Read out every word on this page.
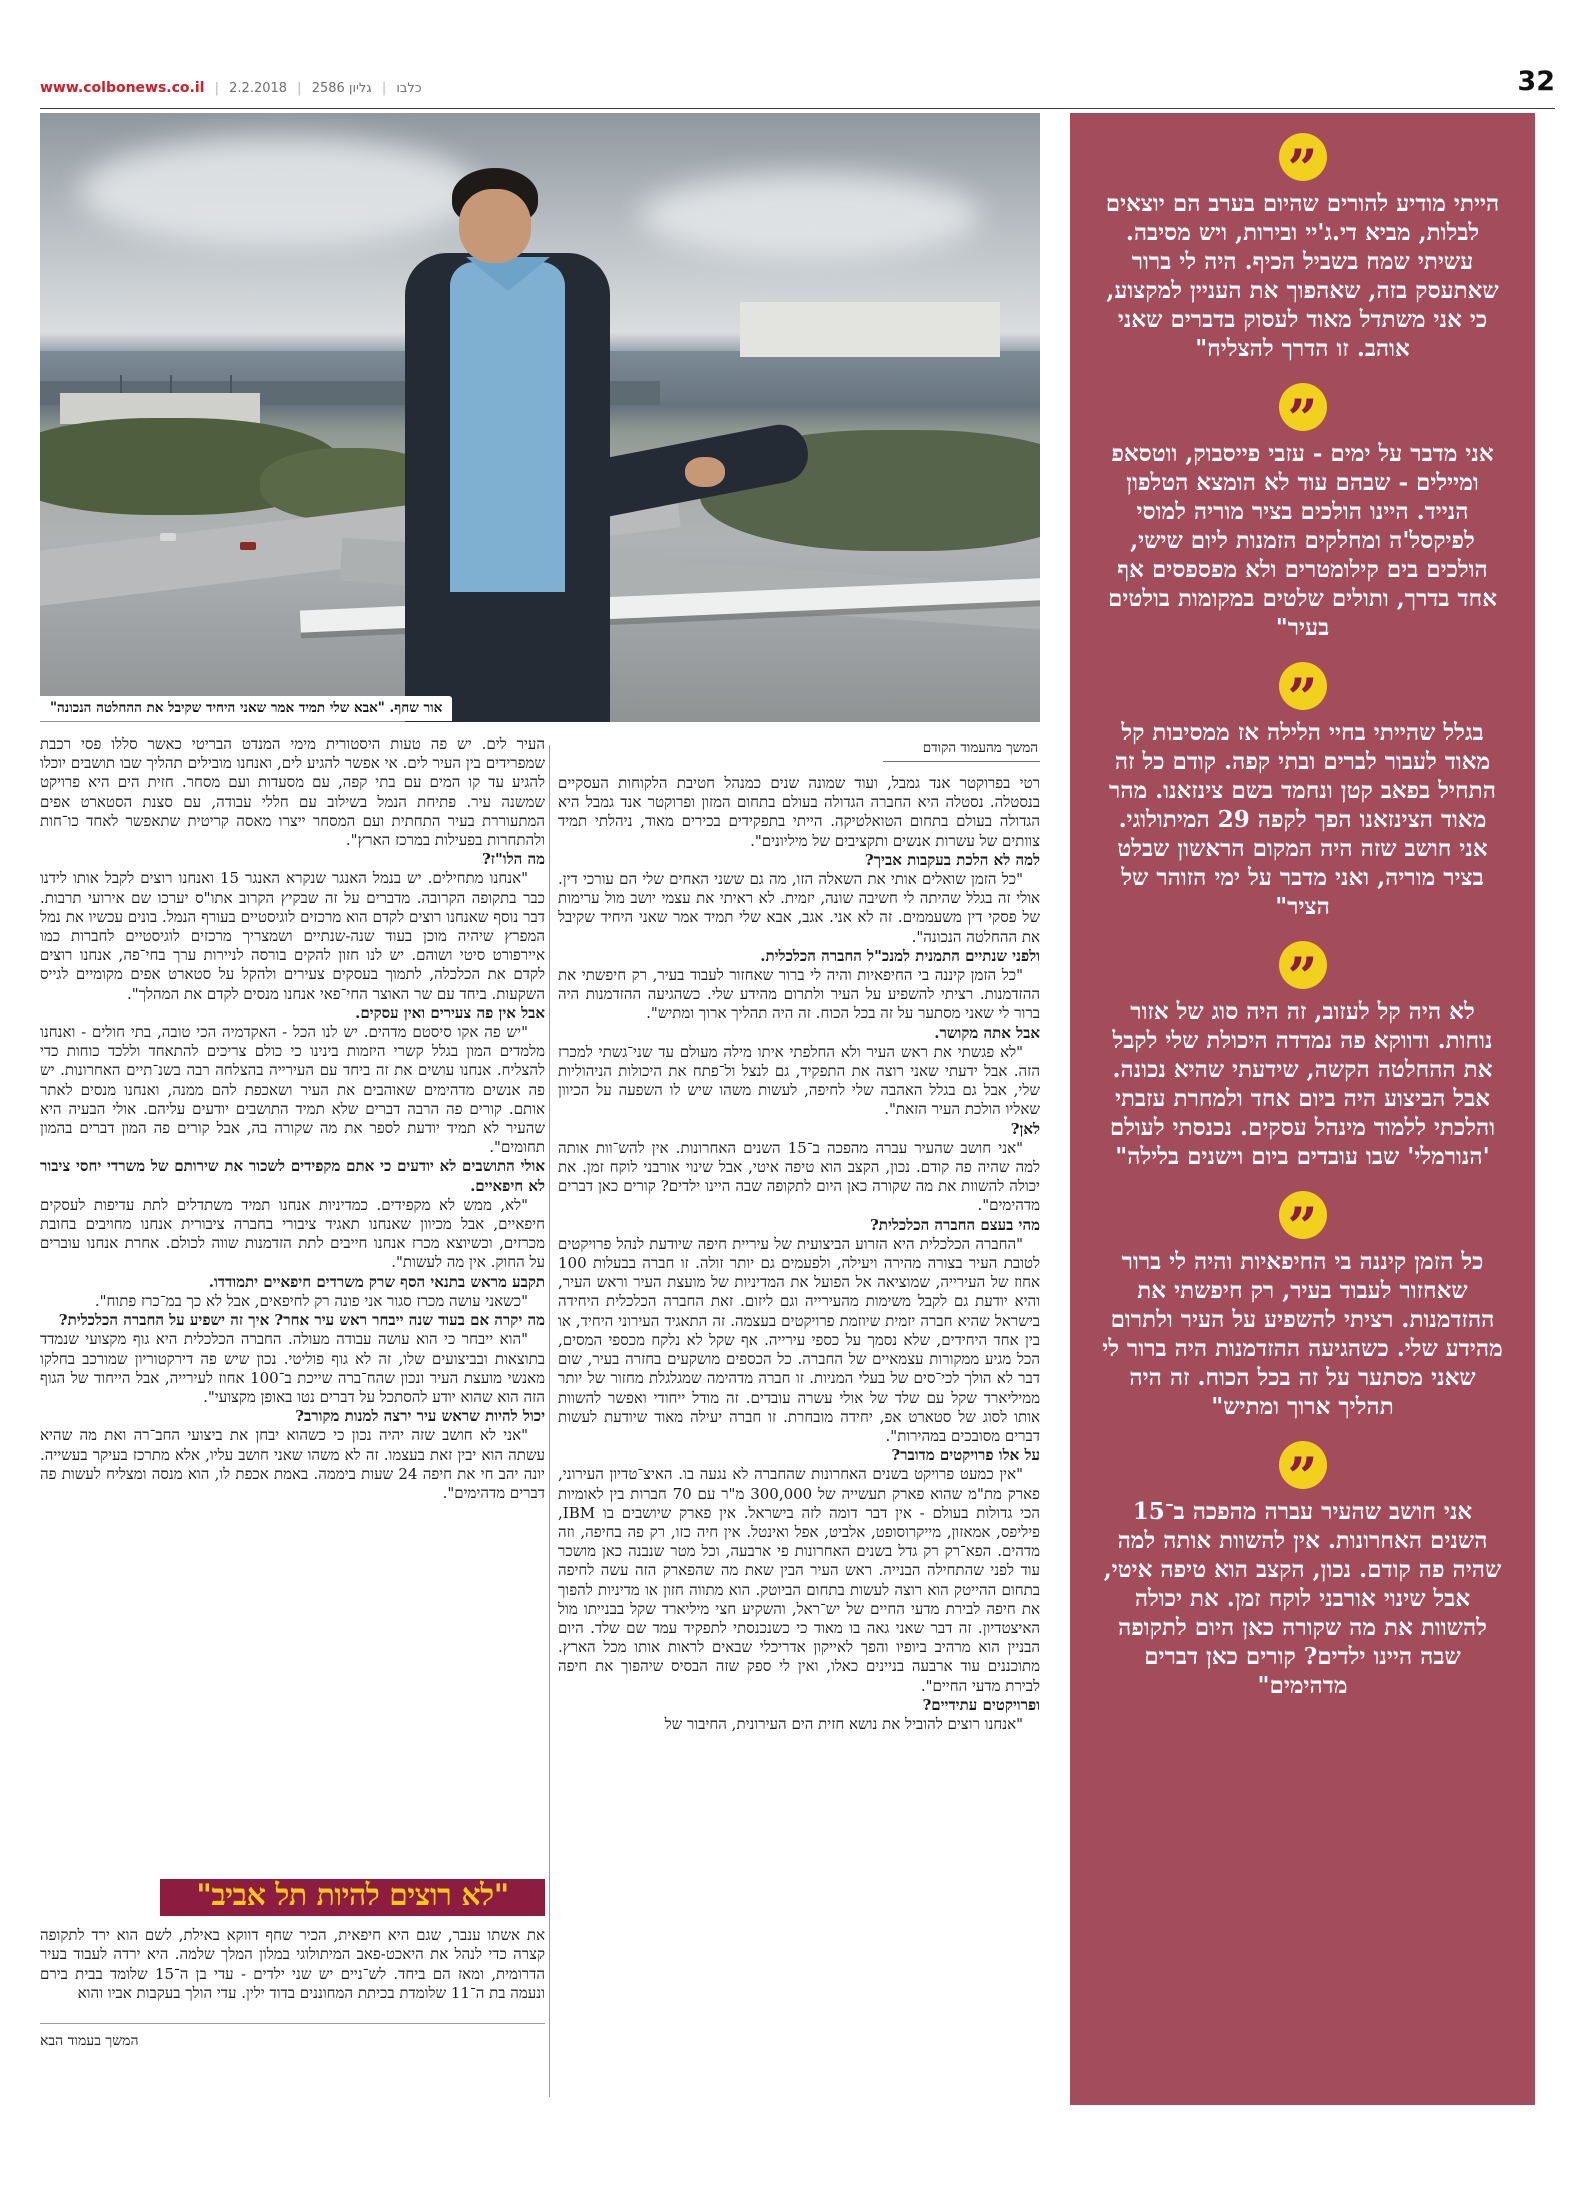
www.colbonews.co.il |	כלבו | גליון 2586 | 2.2.2018	32
אור שחף. "אבא שלי תמיד אמר שאני היחיד שקיבל את ההחלטה הנכונה"
המשך מהעמוד הקודם

רטי בפרוקטר אנד גמבל, ועוד שמונה שנים כמנהל חטיבת הלקוחות העסקיים בנסטלה. נסטלה היא החברה הגדולה בעולם בתחום המזון ופרוקטר אנד גמבל היא הגדולה בעולם בתחום הטואלטיקה. הייתי בתפקידים בכירים מאוד, ניהלתי תמיד צוותים של עשרות אנשים ותקציבים של מיליונים".

למה לא הלכת בעקבות אביך?

"כל הזמן שואלים אותי את השאלה הזו, מה גם ששני האחים שלי הם עורכי דין. אולי זה בגלל שהיתה לי חשיבה שונה, יזמית. לא ראיתי את עצמי יושב מול ערימות של פסקי דין משעממים. זה לא אני. אגב, אבא שלי תמיד אמר שאני היחיד שקיבל את ההחלטה הנכונה".

ולפני שנתיים התמנית למנכ"ל החברה הכלכלית.

"כל הזמן קיננה בי החיפאיות והיה לי ברור שאחזור לעבוד בעיר, רק חיפשתי את ההזדמנות. רציתי להשפיע על העיר ולתרום מהידע שלי. כשהגיעה ההזדמנות היה ברור לי שאני מסתער על זה בכל הכוח. זה היה תהליך ארוך ומתיש".

אבל אתה מקושר.

"לא פגשתי את ראש העיר ולא החלפתי איתו מילה מעולם עד שני־גשתי למכרז הזה. אבל ידעתי שאני רוצה את התפקיד, גם לנצל ול־פתח את היכולות הניהוליות שלי, אבל גם בגלל האהבה שלי לחיפה, לעשות משהו שיש לו השפעה על הכיוון שאליו הולכת העיר הזאת".

לאן?

"אני חושב שהעיר עברה מהפכה ב־15 השנים האחרונות. אין להש־וות אותה למה שהיה פה קודם. נכון, הקצב הוא טיפה איטי, אבל שינוי אורבני לוקח זמן. את יכולה להשוות את מה שקורה כאן היום לתקופה שבה היינו ילדים? קורים כאן דברים מדהימים".

מהי בעצם החברה הכלכלית?

"החברה הכלכלית היא הזרוע הביצועית של עיריית חיפה שיודעת לנהל פרויקטים לטובת העיר בצורה מהירה ויעילה, ולפעמים גם יותר זולה. זו חברה בבעלות 100 אחוז של העירייה, שמוציאה אל הפועל את המדיניות של מועצת העיר וראש העיר, והיא יודעת גם לקבל משימות מהעירייה וגם ליזום. זאת החברה הכלכלית היחידה בישראל שהיא חברה יזמית שיוזמת פרויקטים בעצמה. זה התאגיד העירוני היחיד, או בין אחד היחידים, שלא נסמך על כספי עירייה. אף שקל לא נלקח מכספי המסים, הכל מגיע ממקורות עצמאיים של החברה. כל הכספים מושקעים בחזרה בעיר, שום דבר לא הולך לכי־סים של בעלי המניות. זו חברה מדהימה שמגלגלת מחזור של יותר ממיליארד שקל עם שלד של אולי עשרה עובדים. זה מודל ייחודי ואפשר להשוות אותו לסוג של סטארט אפ, יחידה מובחרת. זו חברה יעילה מאוד שיודעת לעשות דברים מסובכים במהירות".

על אלו פרויקטים מדובר?

"אין כמעט פרויקט בשנים האחרונות שהחברה לא נגעה בו. האיצ־טדיון העירוני, פארק מת"מ שהוא פארק תעשייה של 300,000 מ"ר עם 70 חברות בין לאומיות הכי גדולות בעולם - אין דבר דומה לזה בישראל. אין פארק שיושבים בו IBM, פיליפס, אמאזון, מייקרוסופט, אלביט, אפל ואינטל. אין חיה כזו, רק פה בחיפה, וזה מדהים. הפא־רק רק גדל בשנים האחרונות פי ארבעה, וכל מטר שנבנה כאן מושכר עוד לפני שהתחילה הבנייה. ראש העיר הבין שאת מה שהפארק הזה עשה לחיפה בתחום ההייטק הוא רוצה לעשות בתחום הביוטק. הוא מתווה חזון או מדיניות להפוך את חיפה לבירת מדעי החיים של יש־ראל, והשקיע חצי מיליארד שקל בבנייתו מול האיצטדיון. זה דבר שאני גאה בו מאוד כי כשנכנסתי לתפקיד עמד שם שלד. היום הבניין הוא מרהיב ביופיו והפך לאייקון אדריכלי שבאים לראות אותו מכל הארץ. מתוכננים עוד ארבעה בניינים כאלו, ואין לי ספק שזה הבסיס שיהפוך את חיפה לבירת מדעי החיים".

ופרויקטים עתידיים?

"אנחנו רוצים להוביל את נושא חזית הים העירונית, החיבור של

העיר לים. יש פה טעות היסטורית מימי המנדט הבריטי כאשר סללו פסי רכבת שמפרידים בין העיר לים. אי אפשר להגיע לים, ואנחנו מובילים תהליך שבו תושבים יוכלו להגיע עד קו המים עם בתי קפה, עם מסעדות ועם מסחר. חזית הים היא פרויקט שמשנה עיר. פתיחת הנמל בשילוב עם חללי עבודה, עם סצנת הסטארט אפים המתעוררת בעיר התחתית ועם המסחר ייצרו מאסה קריטית שתאפשר לאחד כו־חות ולהתחרות בפעילות במרכז הארץ".

מה הלו"ז?

"אנחנו מתחילים. יש בנמל האנגר שנקרא האנגר 15 ואנחנו רוצים לקבל אותו לידנו כבר בתקופה הקרובה. מדברים על זה שבקיץ הקרוב אתו"ס יערכו שם אירועי תרבות. דבר נוסף שאנחנו רוצים לקדם הוא מרכזים לוגיסטיים בעורף הנמל. בונים עכשיו את נמל המפרץ שיהיה מוכן בעוד שנה-שנתיים ושמצריך מרכזים לוגיסטיים לחברות כמו איירפורט סיטי ושוהם. יש לנו חזון להקים בורסה לניירות ערך בחי־פה, אנחנו רוצים לקדם את הכלכלה, לתמוך בעסקים צעירים ולהקל על סטארט אפים מקומיים לגייס השקעות. ביחד עם שר האוצר החי־פאי אנחנו מנסים לקדם את המהלך".

אבל אין פה צעירים ואין עסקים.

"יש פה אקו סיסטם מדהים. יש לנו הכל - האקדמיה הכי טובה, בתי חולים - ואנחנו מלמדים המון בגלל קשרי היזמות בינינו כי כולם צריכים להתאחד וללכד כוחות כדי להצליח. אנחנו עושים את זה ביחד עם העירייה בהצלחה רבה בשנ־תיים האחרונות. יש פה אנשים מדהימים שאוהבים את העיר ושאכפת להם ממנה, ואנחנו מנסים לאתר אותם. קורים פה הרבה דברים שלא תמיד התושבים יודעים עליהם. אולי הבעיה היא שהעיר לא תמיד יודעת לספר את מה שקורה בה, אבל קורים פה המון דברים בהמון תחומים".

אולי התושבים לא יודעים כי אתם מקפידים לשכור את שירותם של משרדי יחסי ציבור לא חיפאיים.

"לא, ממש לא מקפידים. כמדיניות אנחנו תמיד משתדלים לתת עדיפות לעסקים חיפאיים, אבל מכיוון שאנחנו תאגיד ציבורי בחברה ציבורית אנחנו מחויבים בחובת מכרזים, וכשיוצא מכרז אנחנו חייבים לתת הזדמנות שווה לכולם. אחרת אנחנו עוברים על החוק. אין מה לעשות".

תקבע מראש בתנאי הסף שרק משרדים חיפאיים יתמודדו.

"כשאני עושה מכרז סגור אני פונה רק לחיפאים, אבל לא כך במ־כרז פתוח".

מה יקרה אם בעוד שנה ייבחר ראש עיר אחר? איך זה ישפיע על החברה הכלכלית?

"הוא ייבחר כי הוא עושה עבודה מעולה. החברה הכלכלית היא גוף מקצועי שנמדד בתוצאות ובביצועים שלו, זה לא גוף פוליטי. נכון שיש פה דירקטוריון שמורכב בחלקו מאנשי מועצת העיר ונכון שהח־ברה שייכת ב־100 אחוז לעירייה, אבל הייחוד של הגוף הזה הוא שהוא יודע להסתכל על דברים נטו באופן מקצועי".

יכול להיות שראש עיר ירצה למנות מקורב?

"אני לא חושב שזה יהיה נכון כי כשהוא יבחן את ביצועי החב־רה ואת מה שהיא עשתה הוא יבין זאת בעצמו. זה לא משהו שאני חושב עליו, אלא מתרכז בעיקר בעשייה. יונה יהב חי את חיפה 24 שעות ביממה. באמת אכפת לו, הוא מנסה ומצליח לעשות פה דברים מדהימים".

"לא רוצים להיות תל אביב"

את אשתו ענבר, שגם היא חיפאית, הכיר שחף דווקא באילת, לשם הוא ירד לתקופה קצרה כדי לנהל את היאכט-פאב המיתולוגי במלון המלך שלמה. היא ירדה לעבוד בעיר הדרומית, ומאז הם ביחד. לש־ניים יש שני ילדים - עדי בן ה־15 שלומד בבית בירם ונעמה בת ה־11 שלומדת בכיתת המחוננים בדוד ילין. עדי הולך בעקבות אביו והוא

המשך בעמוד הבא
”
הייתי מודיע להורים שהיום בערב הם יוצאים לבלות, מביא די.ג'יי ובירות, ויש מסיבה. עשיתי שמח בשביל הכיף. היה לי ברור שאתעסק בזה, שאהפוך את העניין למקצוע, כי אני משתדל מאוד לעסוק בדברים שאני אוהב. זו הדרך להצליח"
”
אני מדבר על ימים - עזבי פייסבוק, ווטסאפ ומיילים - שבהם עוד לא הומצא הטלפון הנייד. היינו הולכים בציר מוריה למוסי לפיקסל'ה ומחלקים הזמנות ליום שישי, הולכים בים קילומטרים ולא מפספסים אף אחד בדרך, ותולים שלטים במקומות בולטים בעיר"
”
בגלל שהייתי בחיי הלילה אז ממסיבות קל מאוד לעבור לברים ובתי קפה. קודם כל זה התחיל בפאב קטן ונחמד בשם צינזאנו. מהר מאוד הצינזאנו הפך לקפה 29 המיתולוגי. אני חושב שזה היה המקום הראשון שבלט בציר מוריה, ואני מדבר על ימי הזוהר של הציר"
”
לא היה קל לעזוב, זה היה סוג של אזור נוחות. ודווקא פה נמדדה היכולת שלי לקבל את ההחלטה הקשה, שידעתי שהיא נכונה. אבל הביצוע היה ביום אחד ולמחרת עזבתי והלכתי ללמוד מינהל עסקים. נכנסתי לעולם 'הנורמלי' שבו עובדים ביום וישנים בלילה"
”
כל הזמן קיננה בי החיפאיות והיה לי ברור שאחזור לעבוד בעיר, רק חיפשתי את ההזדמנות. רציתי להשפיע על העיר ולתרום מהידע שלי. כשהגיעה ההזדמנות היה ברור לי שאני מסתער על זה בכל הכוח. זה היה תהליך ארוך ומתיש"
”
אני חושב שהעיר עברה מהפכה ב־15 השנים האחרונות. אין להשוות אותה למה שהיה פה קודם. נכון, הקצב הוא טיפה איטי, אבל שינוי אורבני לוקח זמן. את יכולה להשוות את מה שקורה כאן היום לתקופה שבה היינו ילדים? קורים כאן דברים מדהימים"
